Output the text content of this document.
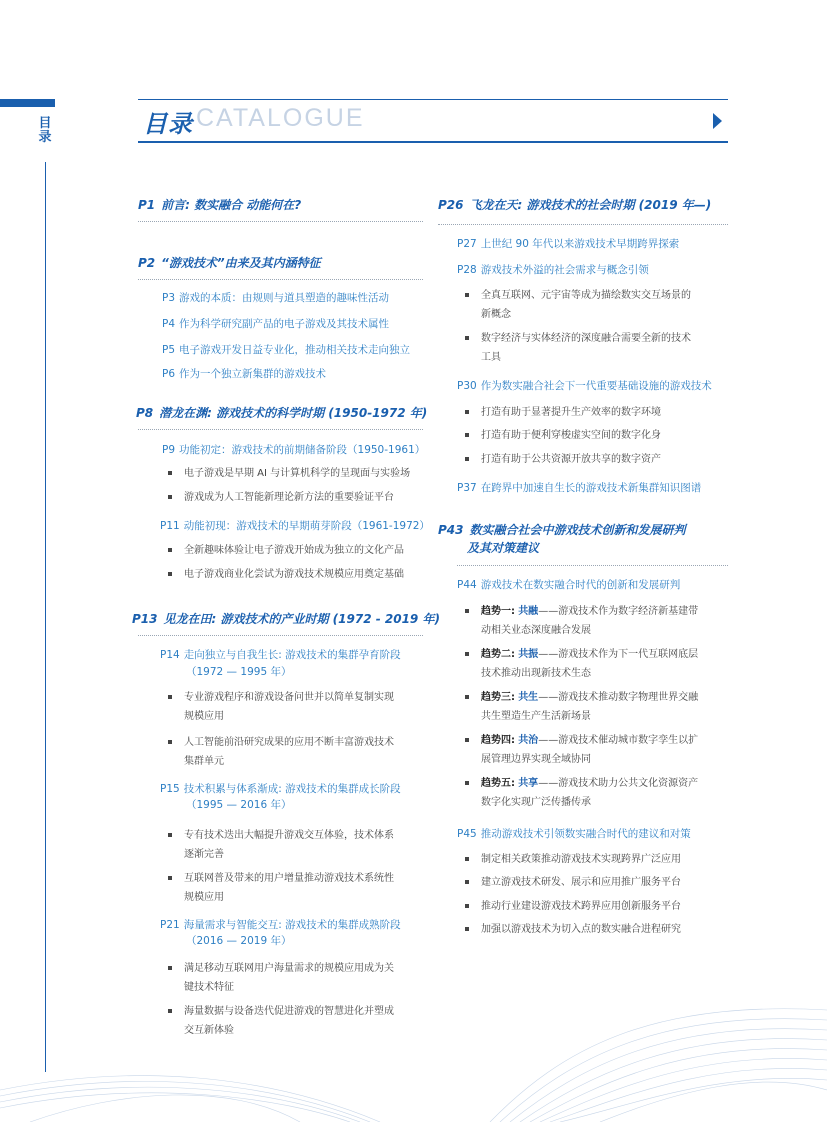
目录	目录 CATALOGUE
P1 前言: 数实融合 动能何在?
P2 “游戏技术”由来及其内涵特征
P3 游戏的本质：由规则与道具塑造的趣味性活动
P4 作为科学研究副产品的电子游戏及其技术属性
P5 电子游戏开发日益专业化，推动相关技术走向独立
P6 作为一个独立新集群的游戏技术
P8 潜龙在渊: 游戏技术的科学时期 (1950-1972 年)
P9 功能初定：游戏技术的前期储备阶段（1950-1961）
电子游戏是早期 AI 与计算机科学的呈现面与实验场
游戏成为人工智能新理论新方法的重要验证平台
P11 动能初现：游戏技术的早期萌芽阶段（1961-1972）
全新趣味体验让电子游戏开始成为独立的文化产品
电子游戏商业化尝试为游戏技术规模应用奠定基础
P13 见龙在田: 游戏技术的产业时期 (1972 - 2019 年)
P14 走向独立与自我生长: 游戏技术的集群孕育阶段
（1972 — 1995 年）
专业游戏程序和游戏设备问世并以简单复制实现
规模应用
人工智能前沿研究成果的应用不断丰富游戏技术
集群单元
P15 技术积累与体系渐成: 游戏技术的集群成长阶段
（1995 — 2016 年）
专有技术迭出大幅提升游戏交互体验，技术体系
逐渐完善
互联网普及带来的用户增量推动游戏技术系统性
规模应用
P21 海量需求与智能交互: 游戏技术的集群成熟阶段
（2016 — 2019 年）
满足移动互联网用户海量需求的规模应用成为关
键技术特征
海量数据与设备迭代促进游戏的智慧进化并塑成
交互新体验
P26 飞龙在天: 游戏技术的社会时期 (2019 年—)
P27 上世纪 90 年代以来游戏技术早期跨界探索
P28 游戏技术外溢的社会需求与概念引领
全真互联网、元宇宙等成为描绘数实交互场景的
新概念
数字经济与实体经济的深度融合需要全新的技术
工具
P30 作为数实融合社会下一代重要基础设施的游戏技术
打造有助于显著提升生产效率的数字环境
打造有助于便利穿梭虚实空间的数字化身
打造有助于公共资源开放共享的数字资产
P37 在跨界中加速自生长的游戏技术新集群知识图谱
P43 数实融合社会中游戏技术创新和发展研判
及其对策建议
P44 游戏技术在数实融合时代的创新和发展研判
趋势一: 共融——游戏技术作为数字经济新基建带
动相关业态深度融合发展
趋势二: 共振——游戏技术作为下一代互联网底层
技术推动出现新技术生态
趋势三: 共生——游戏技术推动数字物理世界交融
共生塑造生产生活新场景
趋势四: 共治——游戏技术催动城市数字孪生以扩
展管理边界实现全域协同
趋势五: 共享——游戏技术助力公共文化资源资产
数字化实现广泛传播传承
P45 推动游戏技术引领数实融合时代的建议和对策
制定相关政策推动游戏技术实现跨界广泛应用
建立游戏技术研发、展示和应用推广服务平台
推动行业建设游戏技术跨界应用创新服务平台
加强以游戏技术为切入点的数实融合进程研究
